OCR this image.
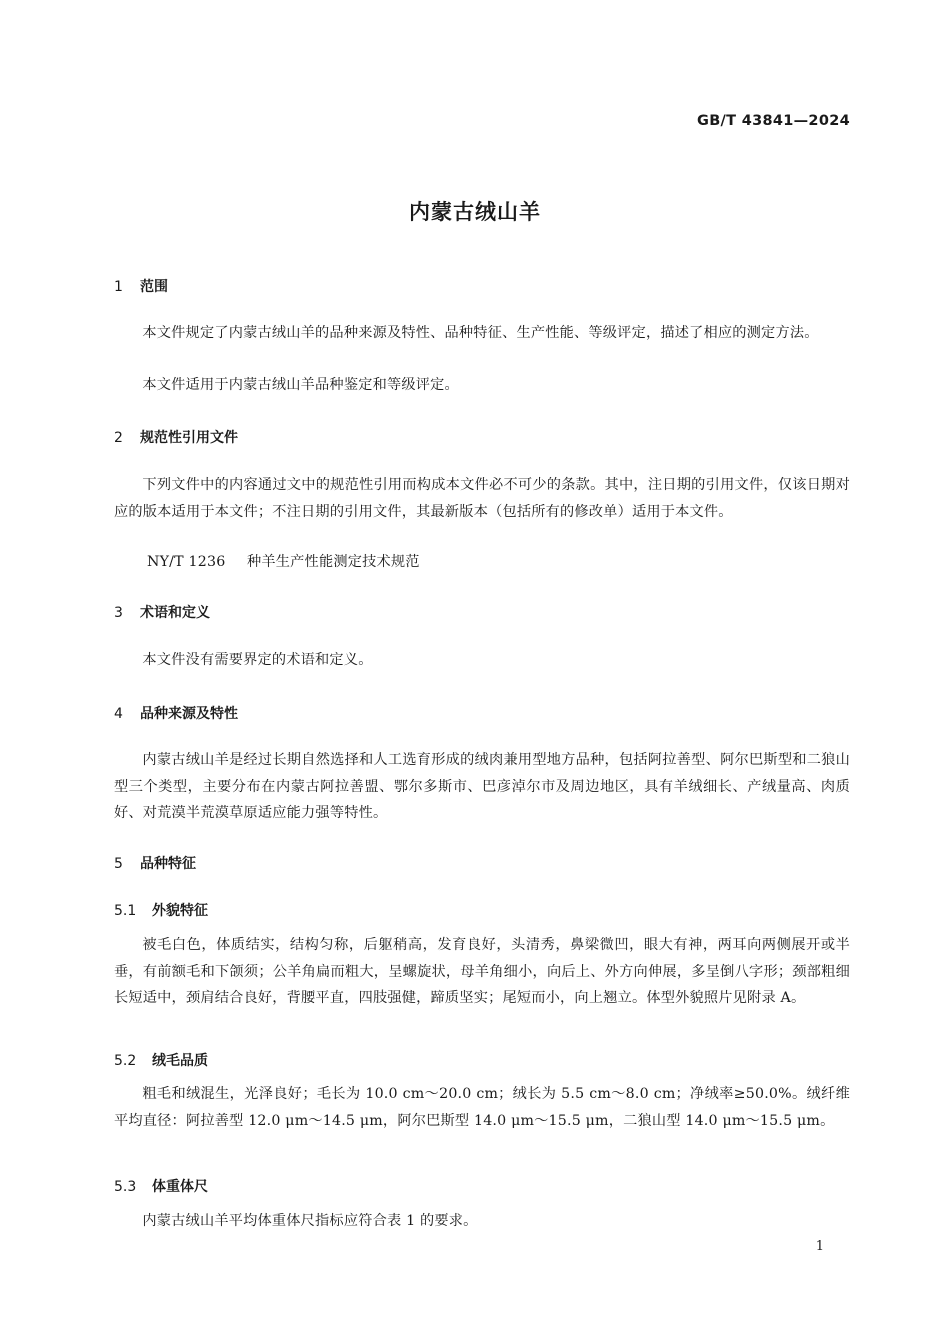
GB/T 43841—2024
内蒙古绒山羊
1 范围

本文件规定了内蒙古绒山羊的品种来源及特性、品种特征、生产性能、等级评定，描述了相应的测定方法。

本文件适用于内蒙古绒山羊品种鉴定和等级评定。

2 规范性引用文件

下列文件中的内容通过文中的规范性引用而构成本文件必不可少的条款。其中，注日期的引用文件，仅该日期对应的版本适用于本文件；不注日期的引用文件，其最新版本（包括所有的修改单）适用于本文件。

NY/T 1236 种羊生产性能测定技术规范
3 术语和定义

本文件没有需要界定的术语和定义。

4 品种来源及特性

内蒙古绒山羊是经过长期自然选择和人工选育形成的绒肉兼用型地方品种，包括阿拉善型、阿尔巴斯型和二狼山型三个类型，主要分布在内蒙古阿拉善盟、鄂尔多斯市、巴彦淖尔市及周边地区，具有羊绒细长、产绒量高、肉质好、对荒漠半荒漠草原适应能力强等特性。

5 品种特征
5.1 外貌特征

被毛白色，体质结实，结构匀称，后躯稍高，发育良好，头清秀，鼻梁微凹，眼大有神，两耳向两侧展开或半垂，有前额毛和下颌须；公羊角扁而粗大，呈螺旋状，母羊角细小，向后上、外方向伸展，多呈倒八字形；颈部粗细长短适中，颈肩结合良好，背腰平直，四肢强健，蹄质坚实；尾短而小，向上翘立。体型外貌照片见附录 A。

5.2 绒毛品质

粗毛和绒混生，光泽良好；毛长为 10.0 cm～20.0 cm；绒长为 5.5 cm～8.0 cm；净绒率≥50.0%。绒纤维平均直径：阿拉善型 12.0 μm～14.5 μm，阿尔巴斯型 14.0 μm～15.5 μm，二狼山型 14.0 μm～15.5 μm。

5.3 体重体尺

内蒙古绒山羊平均体重体尺指标应符合表 1 的要求。

1
